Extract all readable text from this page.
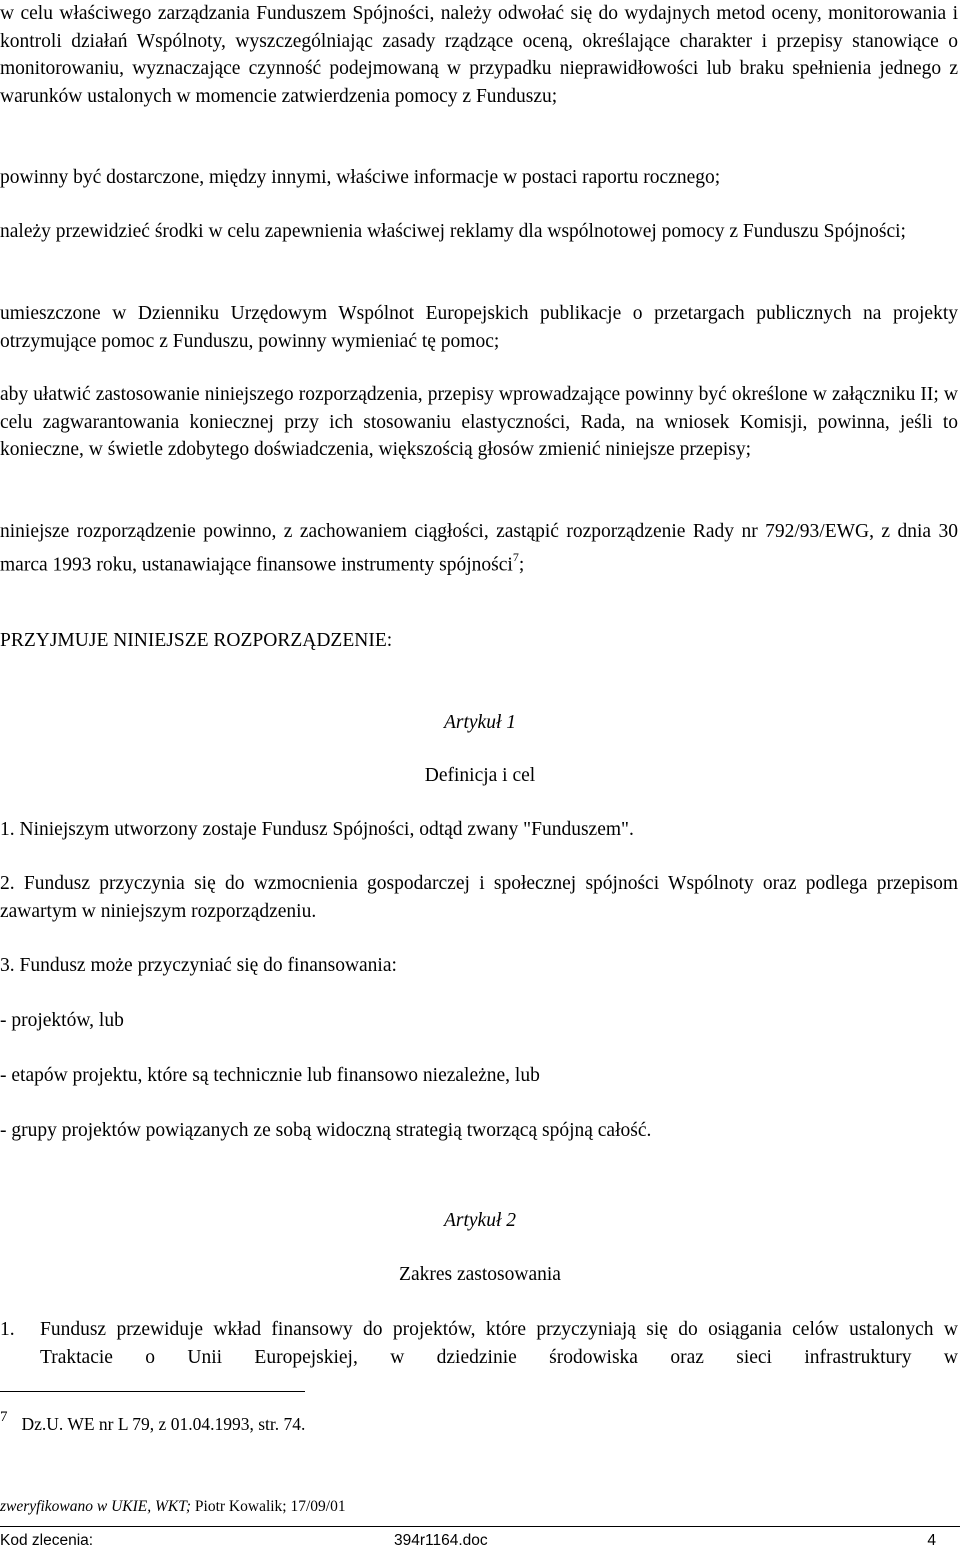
w celu właściwego zarządzania Funduszem Spójności, należy odwołać się do wydajnych metod oceny, monitorowania i kontroli działań Wspólnoty, wyszczególniając zasady rządzące oceną, określające charakter i przepisy stanowiące o monitorowaniu, wyznaczające czynność podejmowaną w przypadku nieprawidłowości lub braku spełnienia jednego z warunków ustalonych w momencie zatwierdzenia pomocy z Funduszu;
powinny być dostarczone, między innymi, właściwe informacje w postaci raportu rocznego;
należy przewidzieć środki w celu zapewnienia właściwej reklamy dla wspólnotowej pomocy z Funduszu Spójności;
umieszczone w Dzienniku Urzędowym Wspólnot Europejskich publikacje o przetargach publicznych na projekty otrzymujące pomoc z Funduszu, powinny wymieniać tę pomoc;
aby ułatwić zastosowanie niniejszego rozporządzenia, przepisy wprowadzające powinny być określone w załączniku II; w celu zagwarantowania koniecznej przy ich stosowaniu elastyczności, Rada, na wniosek Komisji, powinna, jeśli to konieczne, w świetle zdobytego doświadczenia, większością głosów zmienić niniejsze przepisy;
niniejsze rozporządzenie powinno, z zachowaniem ciągłości, zastąpić rozporządzenie Rady nr 792/93/EWG, z dnia 30 marca 1993 roku, ustanawiające finansowe instrumenty spójności$^7$;
PRZYJMUJE NINIEJSZE ROZPORZĄDZENIE:
Artykuł 1
Definicja i cel
1. Niniejszym utworzony zostaje Fundusz Spójności, odtąd zwany "Funduszem".
2. Fundusz przyczynia się do wzmocnienia gospodarczej i społecznej spójności Wspólnoty oraz podlega przepisom zawartym w niniejszym rozporządzeniu.
3. Fundusz może przyczyniać się do finansowania:
- projektów, lub
- etapów projektu, które są technicznie lub finansowo niezależne, lub
- grupy projektów powiązanych ze sobą widoczną strategią tworzącą spójną całość.
Artykuł 2
Zakres zastosowania
1. Fundusz przewiduje wkład finansowy do projektów, które przyczyniają się do osiągania celów ustalonych w Traktacie o Unii Europejskiej, w dziedzinie środowiska oraz sieci infrastruktury w
7 Dz.U. WE nr L 79, z 01.04.1993, str. 74.
zweryfikowano w UKIE, WKT; Piotr Kowalik; 17/09/01
Kod zlecenia:	394r1164.doc	4
